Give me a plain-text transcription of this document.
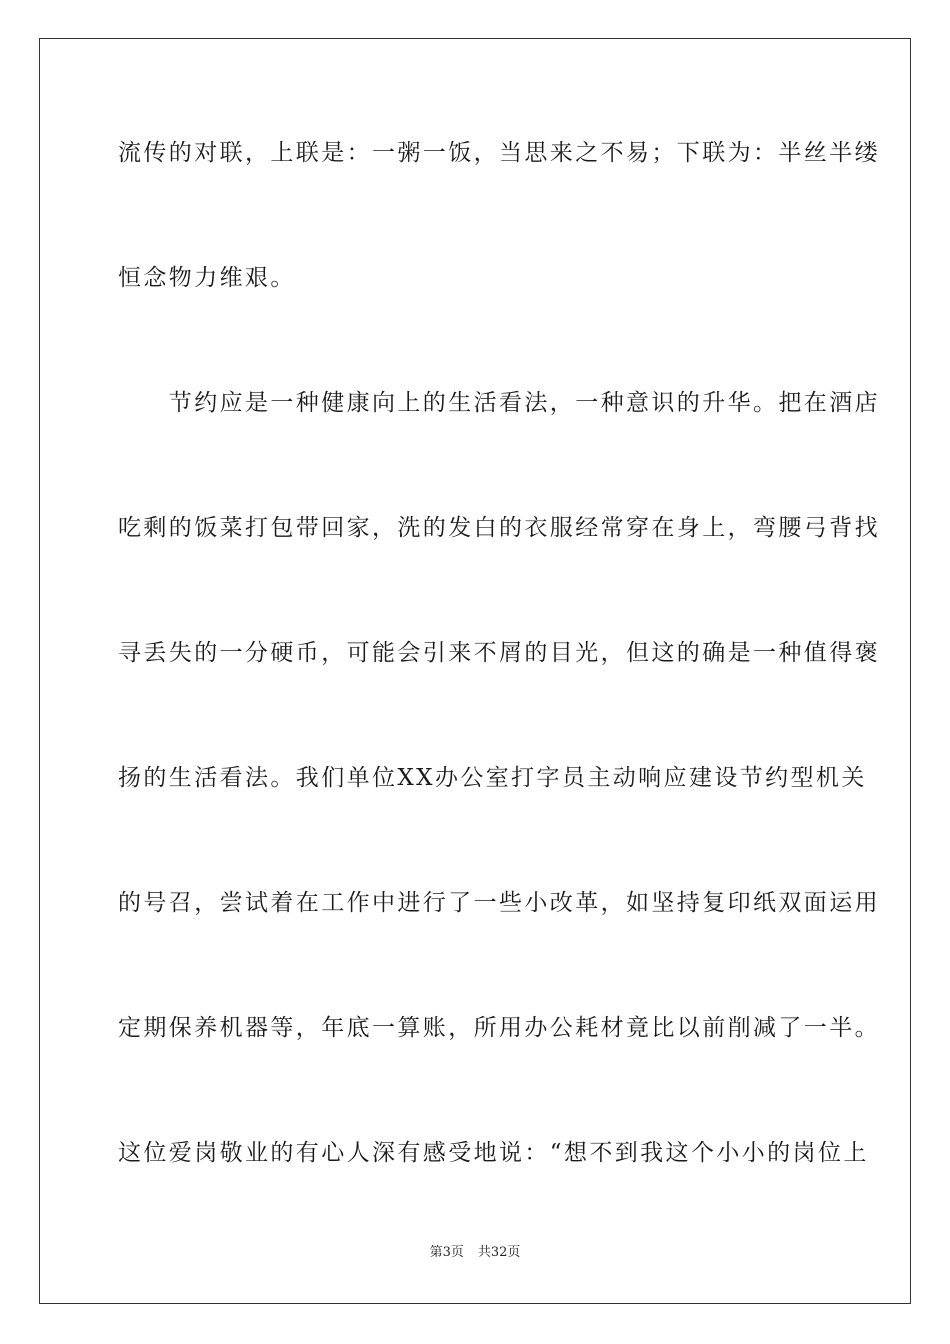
流传的对联，上联是：一粥一饭，当思来之不易；下联为：半丝半缕
恒念物力维艰。
　　节约应是一种健康向上的生活看法，一种意识的升华。把在酒店
吃剩的饭菜打包带回家，洗的发白的衣服经常穿在身上，弯腰弓背找
寻丢失的一分硬币，可能会引来不屑的目光，但这的确是一种值得褒
扬的生活看法。我们单位XX办公室打字员主动响应建设节约型机关
的号召，尝试着在工作中进行了一些小改革，如坚持复印纸双面运用
定期保养机器等，年底一算账，所用办公耗材竟比以前削减了一半。
这位爱岗敬业的有心人深有感受地说：“想不到我这个小小的岗位上
第3页 共32页
